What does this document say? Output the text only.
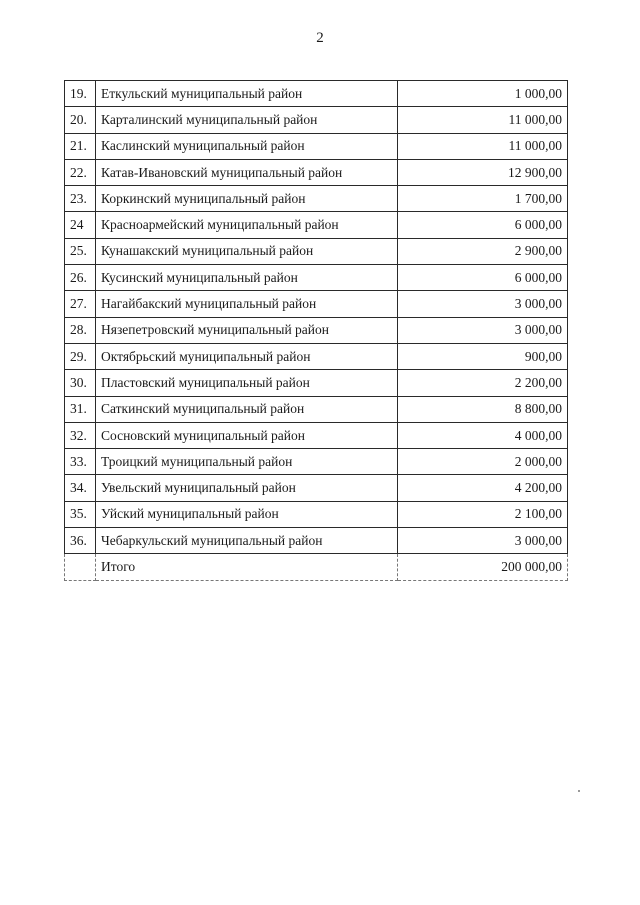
2
19.	Еткульский муниципальный район	1 000,00
20.	Карталинский муниципальный район	11 000,00
21.	Каслинский муниципальный район	11 000,00
22.	Катав-Ивановский муниципальный район	12 900,00
23.	Коркинский муниципальный район	1 700,00
24	Красноармейский муниципальный район	6 000,00
25.	Кунашакский муниципальный район	2 900,00
26.	Кусинский муниципальный район	6 000,00
27.	Нагайбакский муниципальный район	3 000,00
28.	Нязепетровский муниципальный район	3 000,00
29.	Октябрьский муниципальный район	900,00
30.	Пластовский муниципальный район	2 200,00
31.	Саткинский муниципальный район	8 800,00
32.	Сосновский муниципальный район	4 000,00
33.	Троицкий муниципальный район	2 000,00
34.	Увельский муниципальный район	4 200,00
35.	Уйский муниципальный район	2 100,00
36.	Чебаркульский муниципальный район	3 000,00
	Итого	200 000,00
